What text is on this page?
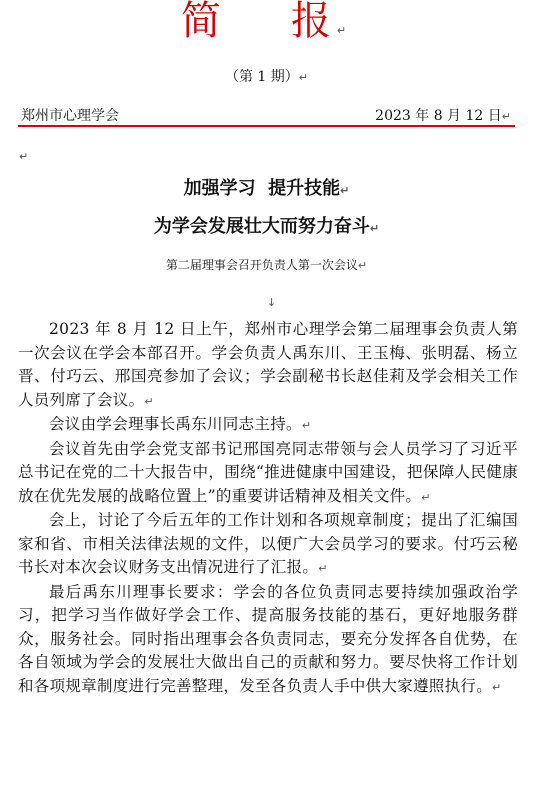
简 报↵
（第 1 期）↵
郑州市心理学会	2023 年 8 月 12 日↵
↵
加强学习  提升技能↵
为学会发展壮大而努力奋斗↵
第二届理事会召开负责人第一次会议↵
↓

2023 年 8 月 12 日上午，郑州市心理学会第二届理事会负责人第一次会议在学会本部召开。学会负责人禹东川、王玉梅、张明磊、杨立晋、付巧云、邢国亮参加了会议；学会副秘书长赵佳莉及学会相关工作人员列席了会议。↵

会议由学会理事长禹东川同志主持。↵

会议首先由学会党支部书记邢国亮同志带领与会人员学习了习近平总书记在党的二十大报告中，围绕“推进健康中国建设，把保障人民健康放在优先发展的战略位置上”的重要讲话精神及相关文件。↵

会上，讨论了今后五年的工作计划和各项规章制度；提出了汇编国家和省、市相关法律法规的文件，以便广大会员学习的要求。付巧云秘书长对本次会议财务支出情况进行了汇报。↵

最后禹东川理事长要求：学会的各位负责同志要持续加强政治学习，把学习当作做好学会工作、提高服务技能的基石，更好地服务群众，服务社会。同时指出理事会各负责同志，要充分发挥各自优势，在各自领域为学会的发展壮大做出自己的贡献和努力。要尽快将工作计划和各项规章制度进行完善整理，发至各负责人手中供大家遵照执行。↵
